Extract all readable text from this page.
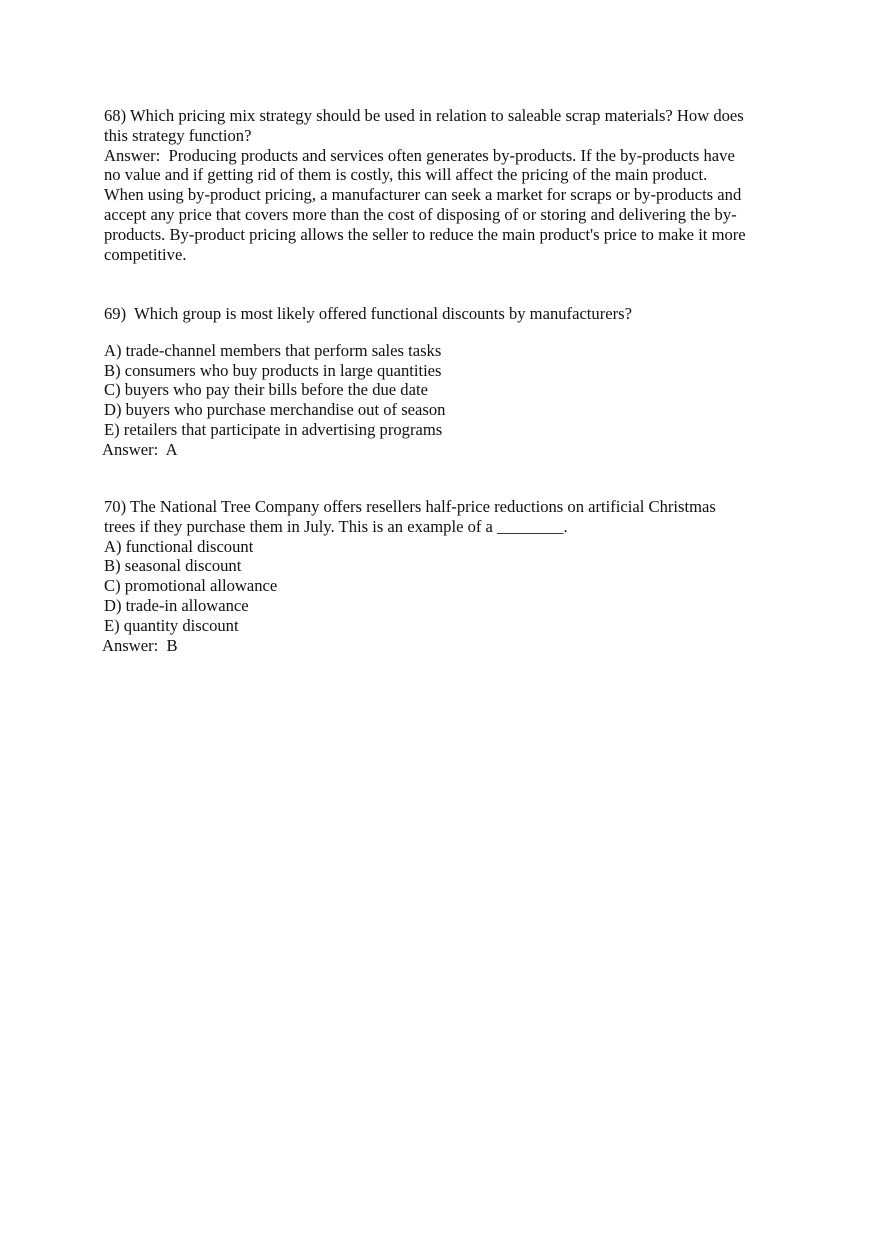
68) Which pricing mix strategy should be used in relation to saleable scrap materials? How does
this strategy function?
Answer:  Producing products and services often generates by-products. If the by-products have
no value and if getting rid of them is costly, this will affect the pricing of the main product.
When using by-product pricing, a manufacturer can seek a market for scraps or by-products and
accept any price that covers more than the cost of disposing of or storing and delivering the by-
products. By-product pricing allows the seller to reduce the main product's price to make it more
competitive.
69)  Which group is most likely offered functional discounts by manufacturers?
A) trade-channel members that perform sales tasks
B) consumers who buy products in large quantities
C) buyers who pay their bills before the due date
D) buyers who purchase merchandise out of season
E) retailers that participate in advertising programs
Answer:  A
70) The National Tree Company offers resellers half-price reductions on artificial Christmas
trees if they purchase them in July. This is an example of a ________.
A) functional discount
B) seasonal discount
C) promotional allowance
D) trade-in allowance
E) quantity discount
Answer:  B
